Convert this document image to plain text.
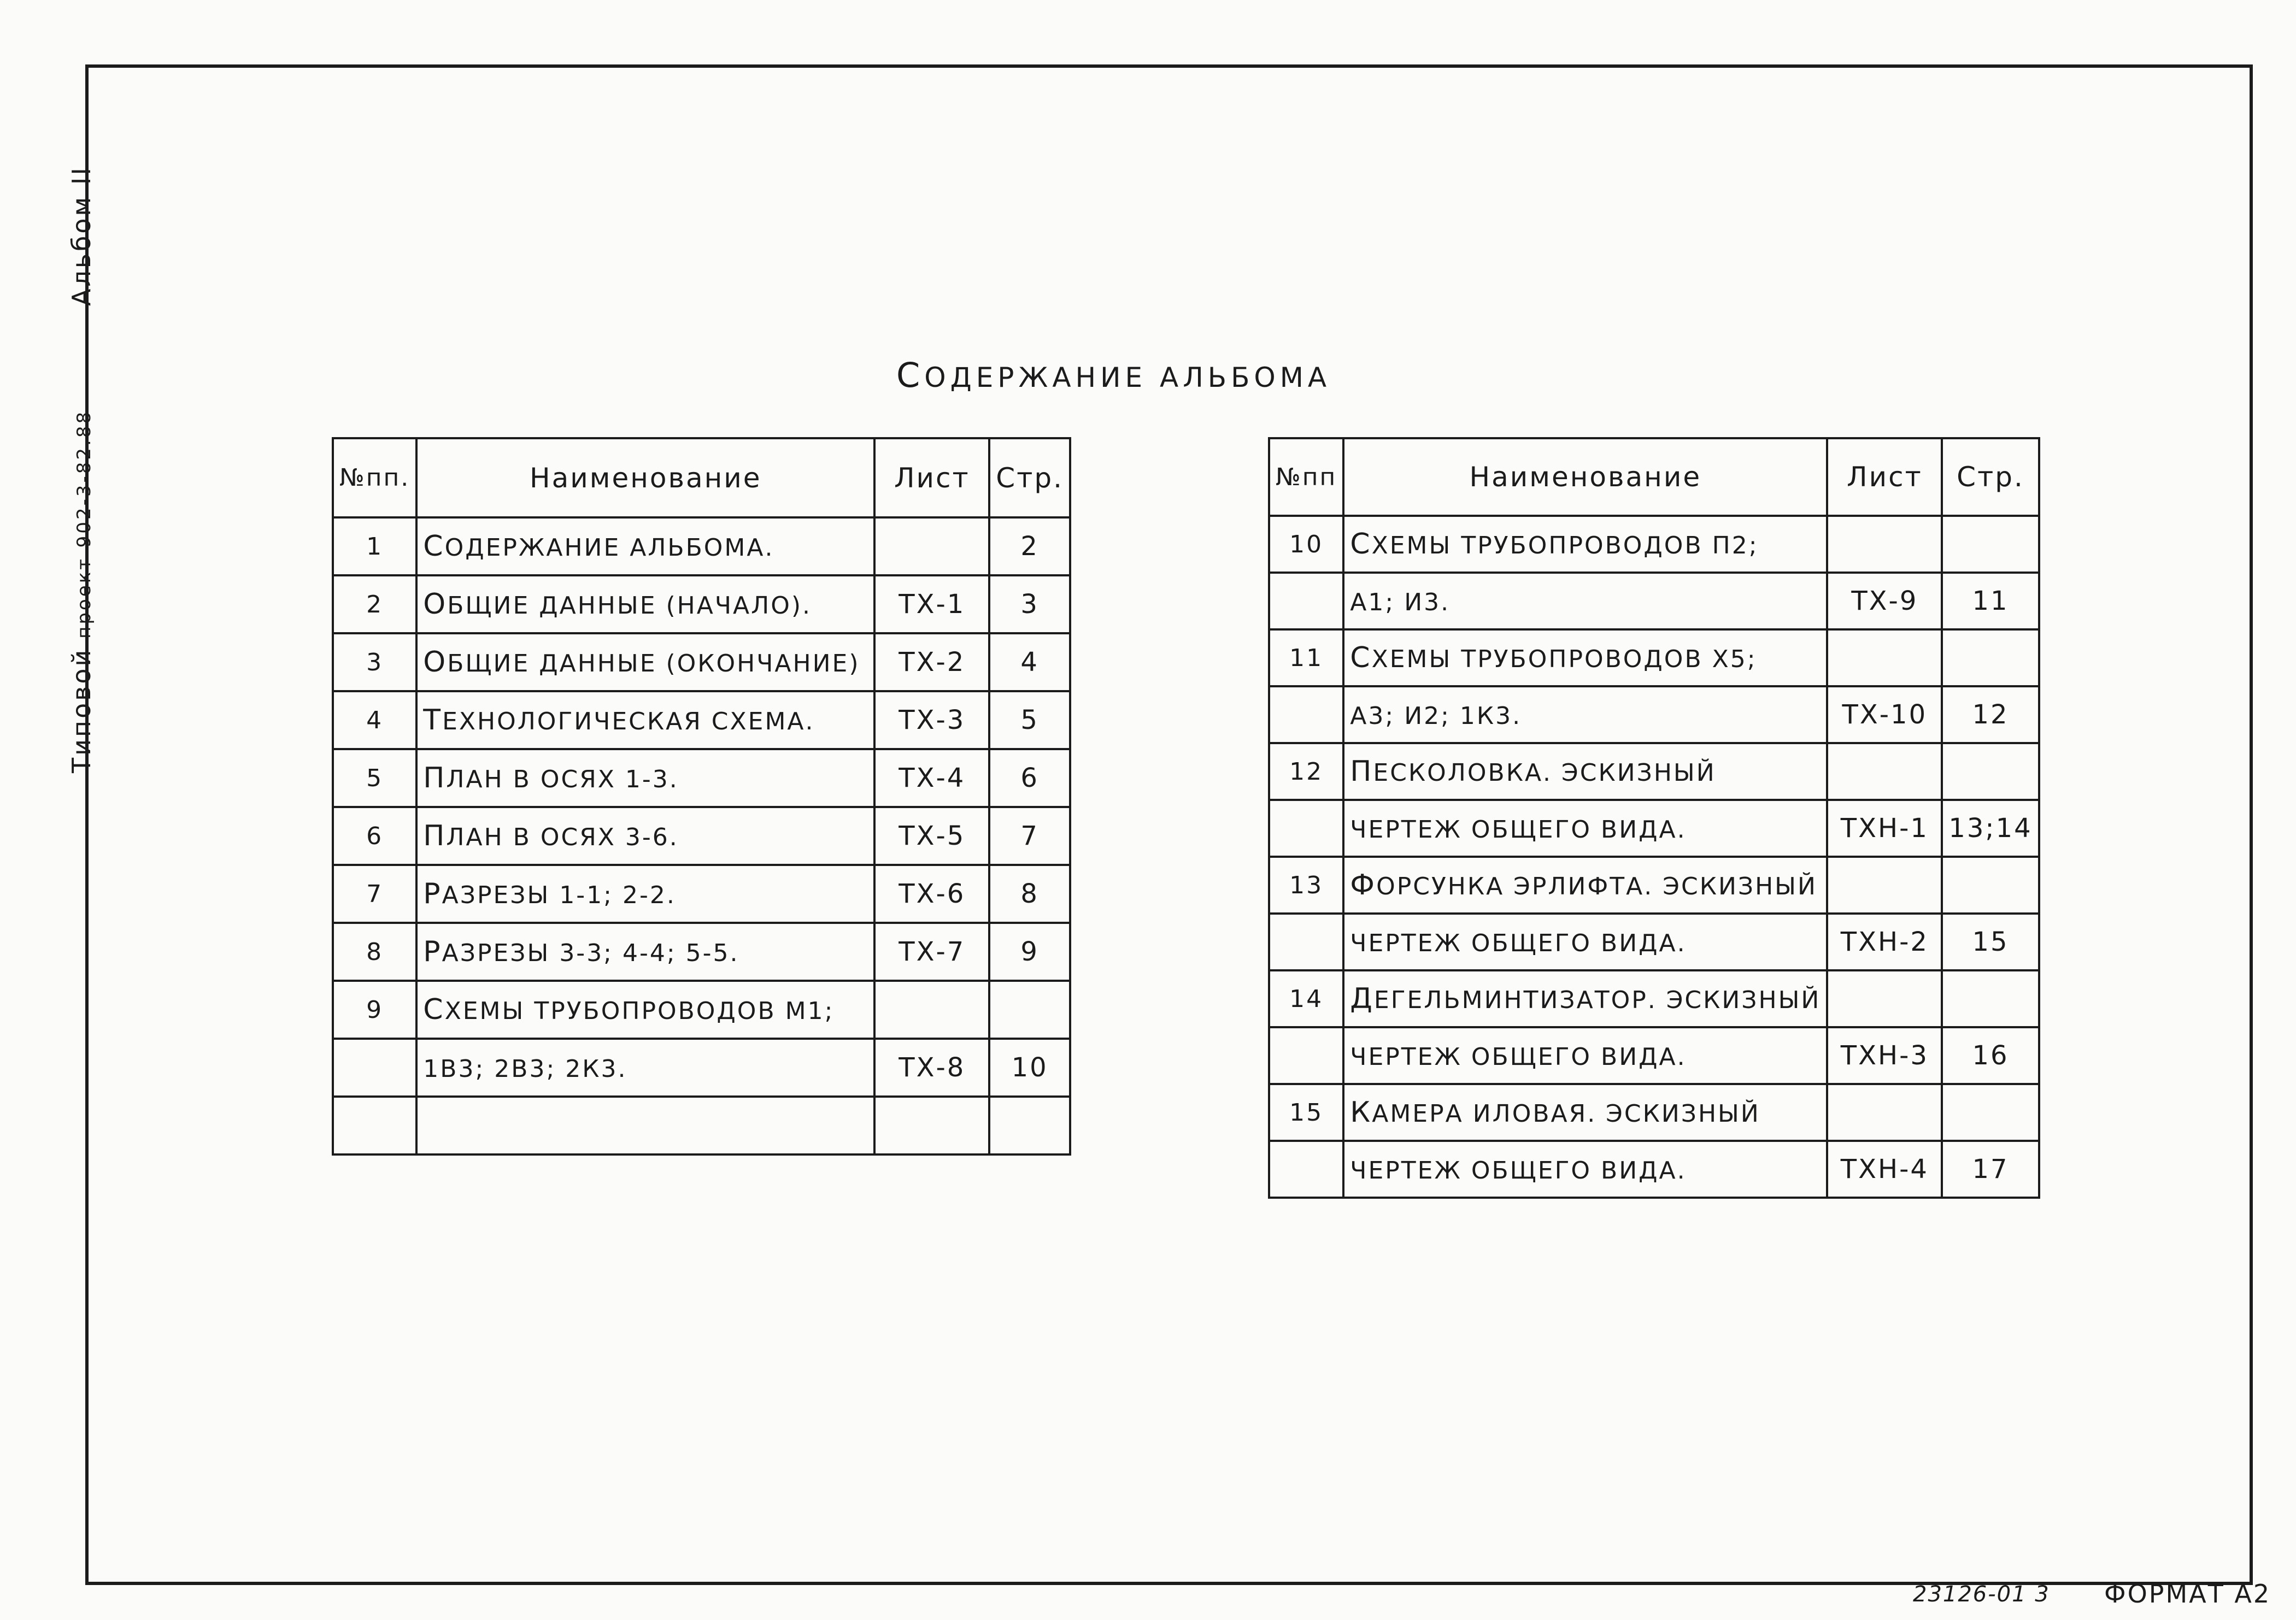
Альбом II
Типовой проект 902-3-82.88
СОДЕРЖАНИЕ АЛЬБОМА
№пп.	Наименование	Лист	Стр.
1	СОДЕРЖАНИЕ АЛЬБОМА.		2
2	ОБЩИЕ ДАННЫЕ (НАЧАЛО).	ТХ-1	3
3	ОБЩИЕ ДАННЫЕ (ОКОНЧАНИЕ)	ТХ-2	4
4	ТЕХНОЛОГИЧЕСКАЯ СХЕМА.	ТХ-3	5
5	ПЛАН В ОСЯХ 1-3.	ТХ-4	6
6	ПЛАН В ОСЯХ 3-6.	ТХ-5	7
7	РАЗРЕЗЫ 1-1; 2-2.	ТХ-6	8
8	РАЗРЕЗЫ 3-3; 4-4; 5-5.	ТХ-7	9
9	СХЕМЫ ТРУБОПРОВОДОВ М1;		
	1В3; 2В3; 2К3.	ТХ-8	10

№пп	Наименование	Лист	Стр.
10	СХЕМЫ ТРУБОПРОВОДОВ П2;		
	А1; И3.	ТХ-9	11
11	СХЕМЫ ТРУБОПРОВОДОВ Х5;		
	А3; И2; 1К3.	ТХ-10	12
12	ПЕСКОЛОВКА. ЭСКИЗНЫЙ		
	ЧЕРТЕЖ ОБЩЕГО ВИДА.	ТХН-1	13;14
13	ФОРСУНКА ЭРЛИФТА. ЭСКИЗНЫЙ		
	ЧЕРТЕЖ ОБЩЕГО ВИДА.	ТХН-2	15
14	ДЕГЕЛЬМИНТИЗАТОР. ЭСКИЗНЫЙ		
	ЧЕРТЕЖ ОБЩЕГО ВИДА.	ТХН-3	16
15	КАМЕРА ИЛОВАЯ. ЭСКИЗНЫЙ		
	ЧЕРТЕЖ ОБЩЕГО ВИДА.	ТХН-4	17
23126-01 3 ФОРМАТ А2
